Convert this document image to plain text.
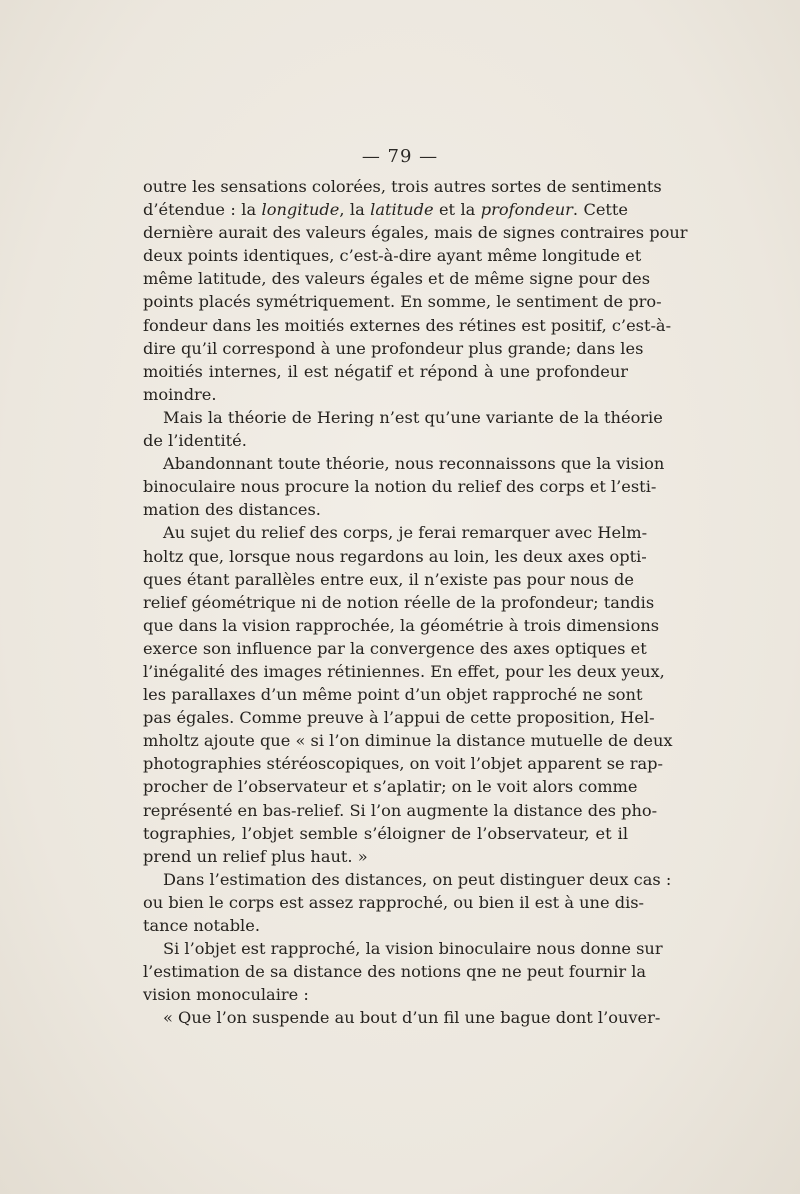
— 79 —
outre les sensations colorées, trois autres sortes de sentiments
d’étendue : la longitude, la latitude et la profondeur. Cette
dernière aurait des valeurs égales, mais de signes contraires pour
deux points identiques, c’est-à-dire ayant même longitude et
même latitude, des valeurs égales et de même signe pour des
points placés symétriquement. En somme, le sentiment de pro-
fondeur dans les moitiés externes des rétines est positif, c’est-à-
dire qu’il correspond à une profondeur plus grande; dans les
moitiés internes, il est négatif et répond à une profondeur
moindre.
Mais la théorie de Hering n’est qu’une variante de la théorie
de l’identité.
Abandonnant toute théorie, nous reconnaissons que la vision
binoculaire nous procure la notion du relief des corps et l’esti-
mation des distances.
Au sujet du relief des corps, je ferai remarquer avec Helm-
holtz que, lorsque nous regardons au loin, les deux axes opti-
ques étant parallèles entre eux, il n’existe pas pour nous de
relief géométrique ni de notion réelle de la profondeur; tandis
que dans la vision rapprochée, la géométrie à trois dimensions
exerce son influence par la convergence des axes optiques et
l’inégalité des images rétiniennes. En effet, pour les deux yeux,
les parallaxes d’un même point d’un objet rapproché ne sont
pas égales. Comme preuve à l’appui de cette proposition, Hel-
mholtz ajoute que « si l’on diminue la distance mutuelle de deux
photographies stéréoscopiques, on voit l’objet apparent se rap-
procher de l’observateur et s’aplatir; on le voit alors comme
représenté en bas-relief. Si l’on augmente la distance des pho-
tographies, l’objet semble s’éloigner de l’observateur, et il
prend un relief plus haut. »
Dans l’estimation des distances, on peut distinguer deux cas :
ou bien le corps est assez rapproché, ou bien il est à une dis-
tance notable.
Si l’objet est rapproché, la vision binoculaire nous donne sur
l’estimation de sa distance des notions qne ne peut fournir la
vision monoculaire :
« Que l’on suspende au bout d’un fil une bague dont l’ouver-
